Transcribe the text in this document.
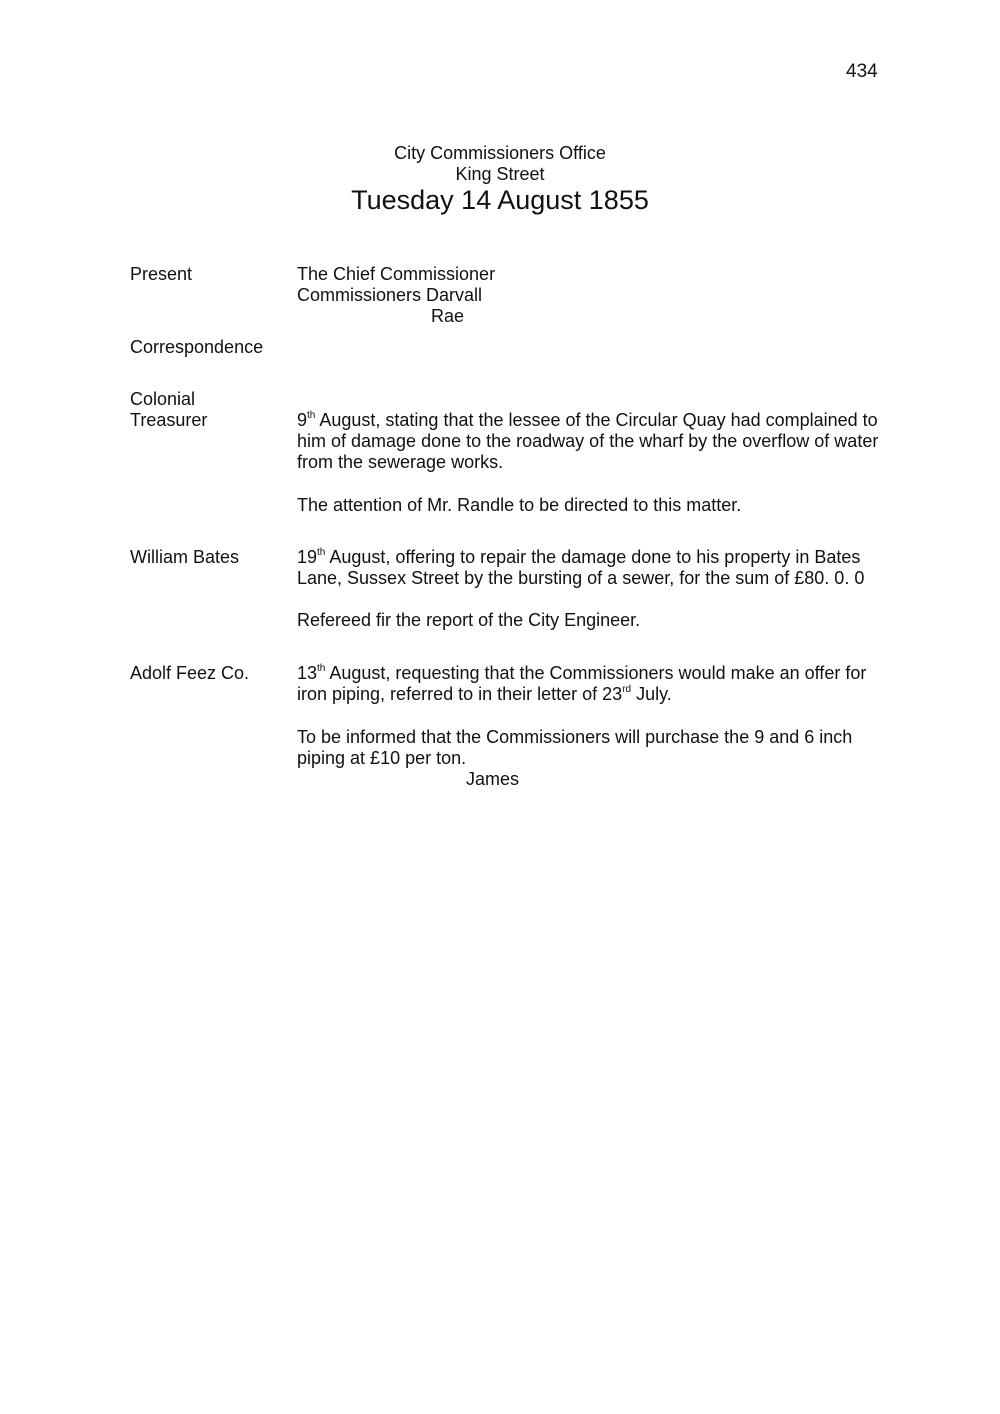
434
City Commissioners Office
King Street
Tuesday 14 August 1855
Present	The Chief Commissioner
Commissioners Darvall
Rae
Correspondence
Colonial
Treasurer	9th August, stating that the lessee of the Circular Quay had complained to
him of damage done to the roadway of the wharf by the overflow of water
from the sewerage works.
The attention of Mr. Randle to be directed to this matter.
William Bates	19th August, offering to repair the damage done to his property in Bates
Lane, Sussex Street by the bursting of a sewer, for the sum of £80. 0. 0
Refereed fir the report of the City Engineer.
Adolf Feez Co.	13th August, requesting that the Commissioners would make an offer for
iron piping, referred to in their letter of 23rd July.
To be informed that the Commissioners will purchase the 9 and 6 inch
piping at £10 per ton.
James
